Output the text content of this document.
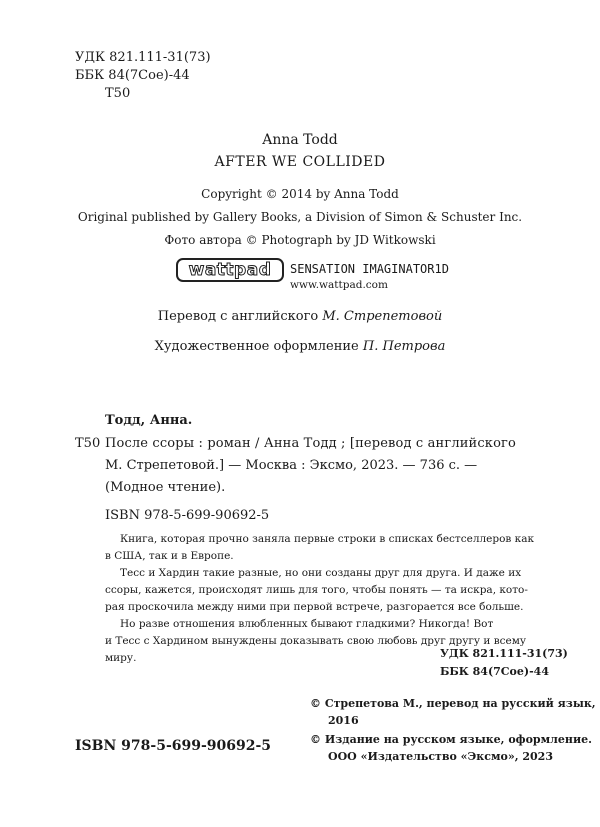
УДК 821.111-31(73)
ББК 84(7Сое)-44
Т50
Anna Todd
AFTER WE COLLIDED
Copyright © 2014 by Anna Todd
Original published by Gallery Books, a Division of Simon & Schuster Inc.
Фото автора © Photograph by JD Witkowski
wattpad SENSATION IMAGINATOR1D
www.wattpad.com
Перевод с английского М. Стрепетовой
Художественное оформление П. Петрова
Тодд, Анна.
Т50 После ссоры : роман / Анна Тодд ; [перевод с английского
М. Стрепетовой.] — Москва : Эксмо, 2023. — 736 с. —
(Модное чтение).
ISBN 978-5-699-90692-5
Книга, которая прочно заняла первые строки в списках бестселлеров как
в США, так и в Европе.
Тесс и Хардин такие разные, но они созданы друг для друга. И даже их
ссоры, кажется, происходят лишь для того, чтобы понять — та искра, кото-
рая проскочила между ними при первой встрече, разгорается все больше.
Но разве отношения влюбленных бывают гладкими? Никогда! Вот
и Тесс с Хардином вынуждены доказывать свою любовь друг другу и всему
миру.	УДК 821.111-31(73)
ББК 84(7Сое)-44
© Стрепетова М., перевод на русский язык,
2016
© Издание на русском языке, оформление.
ООО «Издательство «Эксмо», 2023
ISBN 978-5-699-90692-5
